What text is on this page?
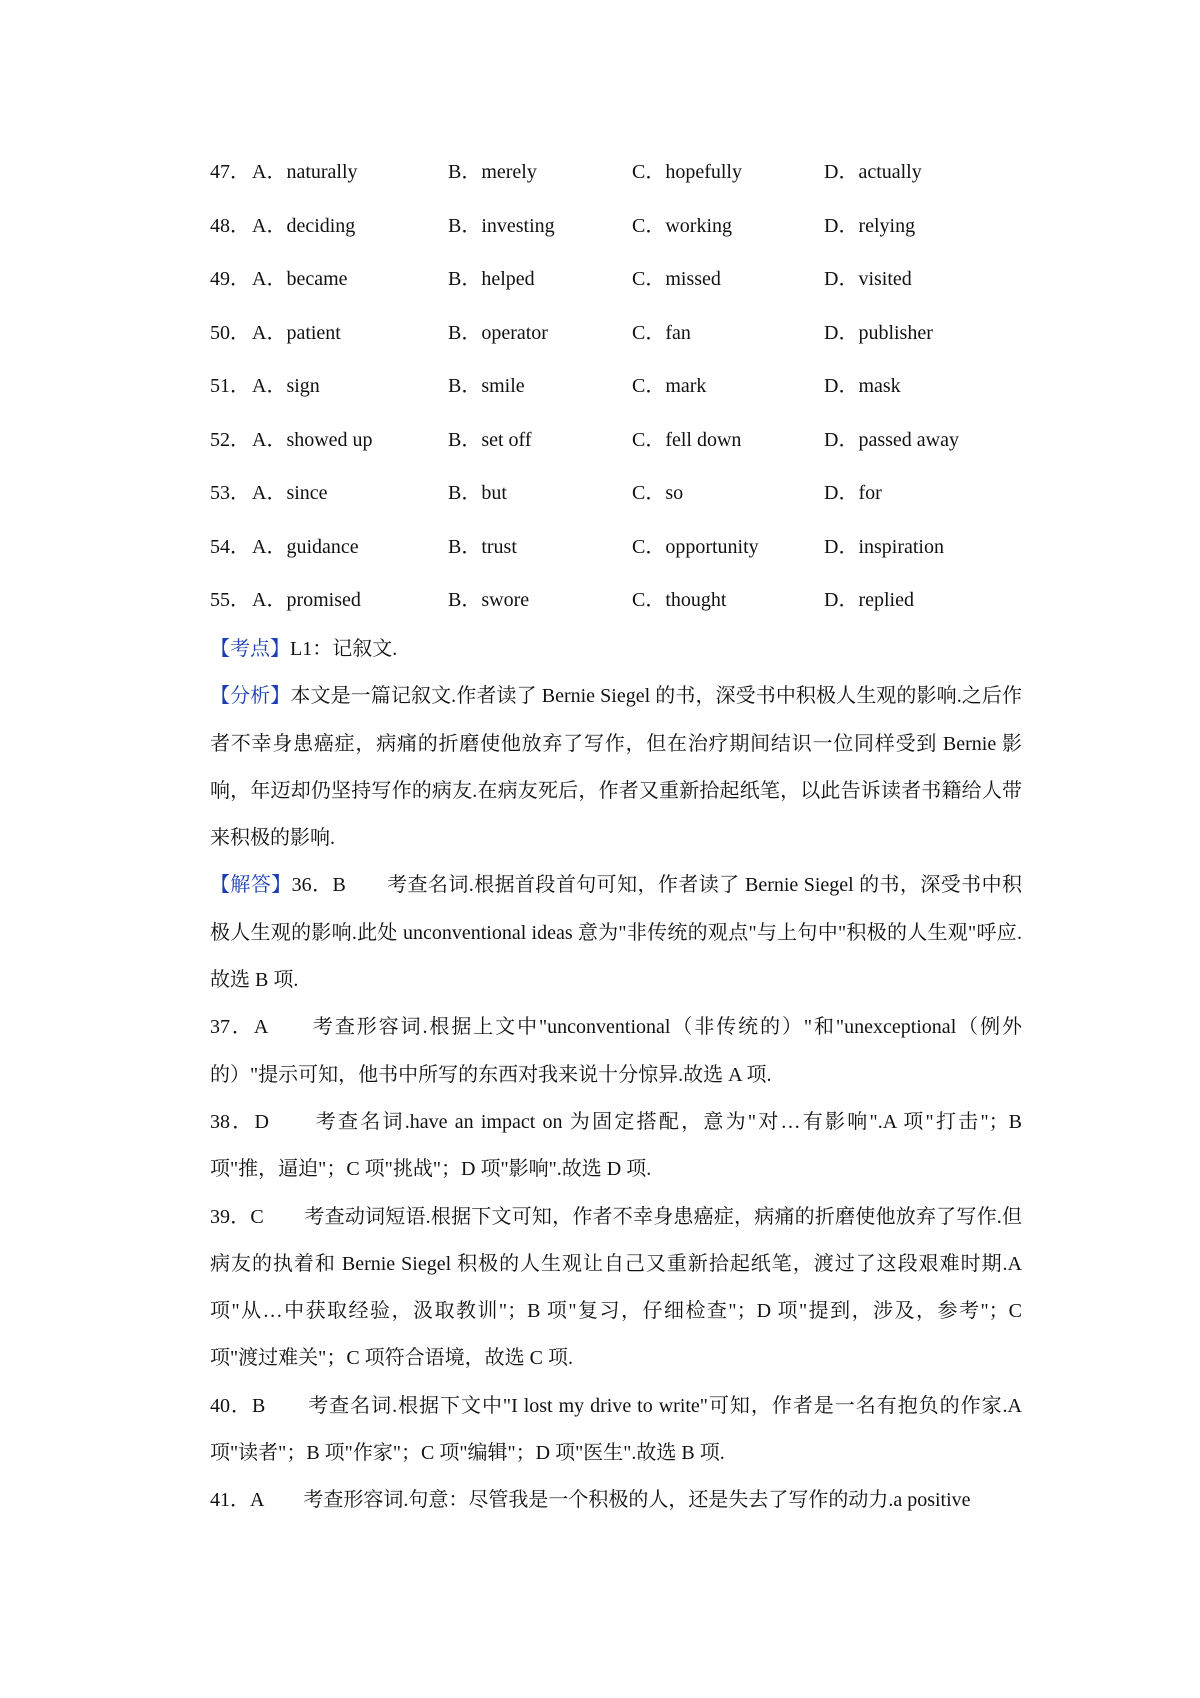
47． A．naturally	B．merely	C．hopefully	D．actually
48． A．deciding	B．investing	C．working	D．relying
49． A．became	B．helped	C．missed	D．visited
50． A．patient	B．operator	C．fan	D．publisher
51． A．sign	B．smile	C．mark	D．mask
52． A．showed up	B．set off	C．fell down	D．passed away
53． A．since	B．but	C．so	D．for
54． A．guidance	B．trust	C．opportunity	D．inspiration
55． A．promised	B．swore	C．thought	D．replied
【考点】L1：记叙文.
【分析】本文是一篇记叙文.作者读了 Bernie Siegel 的书，深受书中积极人生观的影响.之后作者不幸身患癌症，病痛的折磨使他放弃了写作，但在治疗期间结识一位同样受到 Bernie 影响，年迈却仍坚持写作的病友.在病友死后，作者又重新拾起纸笔，以此告诉读者书籍给人带来积极的影响.
【解答】36．B　　考查名词.根据首段首句可知，作者读了 Bernie Siegel 的书，深受书中积极人生观的影响.此处 unconventional ideas 意为"非传统的观点"与上句中"积极的人生观"呼应.故选 B 项.
37．A　　考查形容词.根据上文中"unconventional（非传统的）"和"unexceptional（例外的）"提示可知，他书中所写的东西对我来说十分惊异.故选 A 项.
38．D　　考查名词.have an impact on 为固定搭配，意为"对…有影响".A 项"打击"；B 项"推，逼迫"；C 项"挑战"；D 项"影响".故选 D 项.
39．C　　考查动词短语.根据下文可知，作者不幸身患癌症，病痛的折磨使他放弃了写作.但病友的执着和 Bernie Siegel 积极的人生观让自己又重新拾起纸笔，渡过了这段艰难时期.A 项"从…中获取经验，汲取教训"；B 项"复习，仔细检查"；D 项"提到，涉及，参考"；C 项"渡过难关"；C 项符合语境，故选 C 项.
40．B　　考查名词.根据下文中"I lost my drive to write"可知，作者是一名有抱负的作家.A 项"读者"；B 项"作家"；C 项"编辑"；D 项"医生".故选 B 项.
41．A　　考查形容词.句意：尽管我是一个积极的人，还是失去了写作的动力.a positive
